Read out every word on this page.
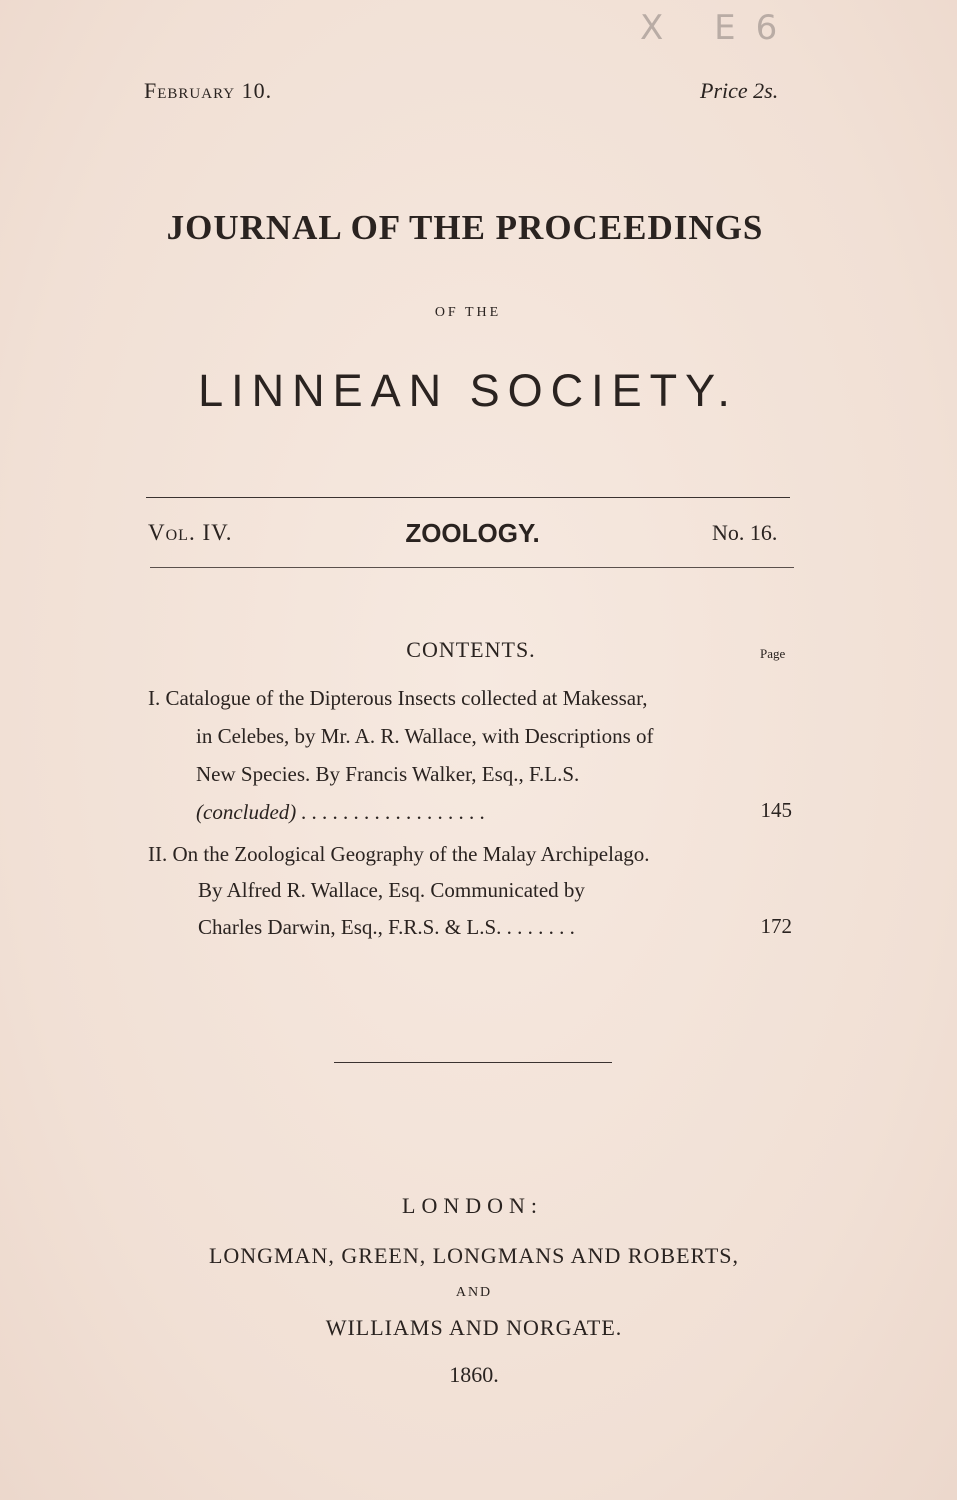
X E6
February 10.	Price 2s.
JOURNAL OF THE PROCEEDINGS
OF THE
LINNEAN SOCIETY.
Vol. IV.	ZOOLOGY.	No. 16.
CONTENTS.	Page
I. Catalogue of the Dipterous Insects collected at Makessar,
in Celebes, by Mr. A. R. Wallace, with Descriptions of
New Species. By Francis Walker, Esq., F.L.S.
(concluded) . . . . . . . . . . . . . . . . . .	145
II. On the Zoological Geography of the Malay Archipelago.
By Alfred R. Wallace, Esq. Communicated by
Charles Darwin, Esq., F.R.S. & L.S. . . . . . . .	172
LONDON:
LONGMAN, GREEN, LONGMANS AND ROBERTS,
AND
WILLIAMS AND NORGATE.
1860.
